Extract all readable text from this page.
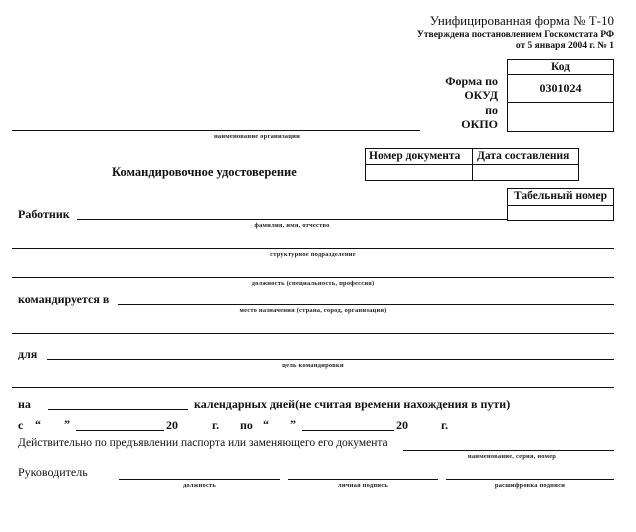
Унифицированная форма № Т-10
Утверждена постановлением Госкомстата РФ
от 5 января 2004 г. № 1
Форма по
ОКУД
по
ОКПО
Код
0301024
наименование организации
Командировочное удостоверение
Номер документа Дата составления
Табельный номер
Работник
фамилия, имя, отчество
структурное подразделение
должность (специальность, профессия)
командируется в
место назначения (страна, город, организация)
для
цель командировки
на	календарных дней(не считая времени нахождения в пути)
с “ ”	20	г. по “ ”	20	г.
Действительно по предъявлении паспорта или заменяющего его документа
наименование, серия, номер
Руководитель
должность	личная подпись	расшифровка подписи
